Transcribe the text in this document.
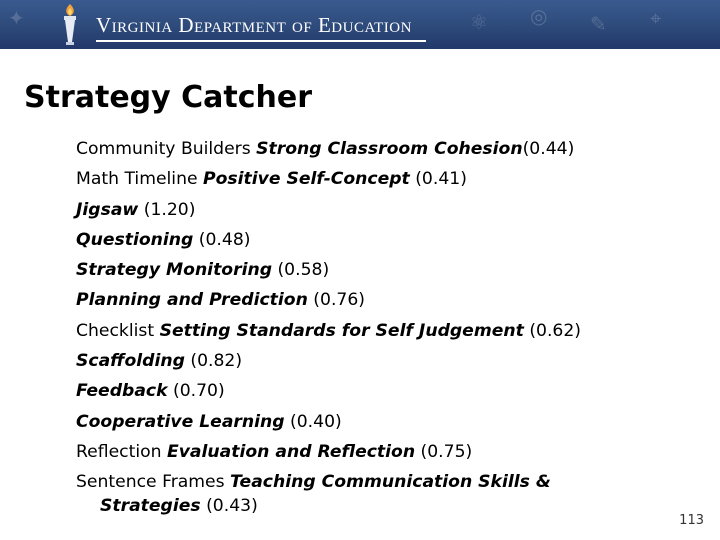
✦	⚛ ◎ ✎ ⌖
Virginia Department of Education
Strategy Catcher
Community Builders Strong Classroom Cohesion(0.44)
Math Timeline Positive Self-Concept (0.41)
Jigsaw (1.20)
Questioning (0.48)
Strategy Monitoring (0.58)
Planning and Prediction (0.76)
Checklist Setting Standards for Self Judgement (0.62)
Scaffolding (0.82)
Feedback (0.70)
Cooperative Learning (0.40)
Reflection Evaluation and Reflection (0.75)
Sentence Frames Teaching Communication Skills &
Strategies (0.43)
113
